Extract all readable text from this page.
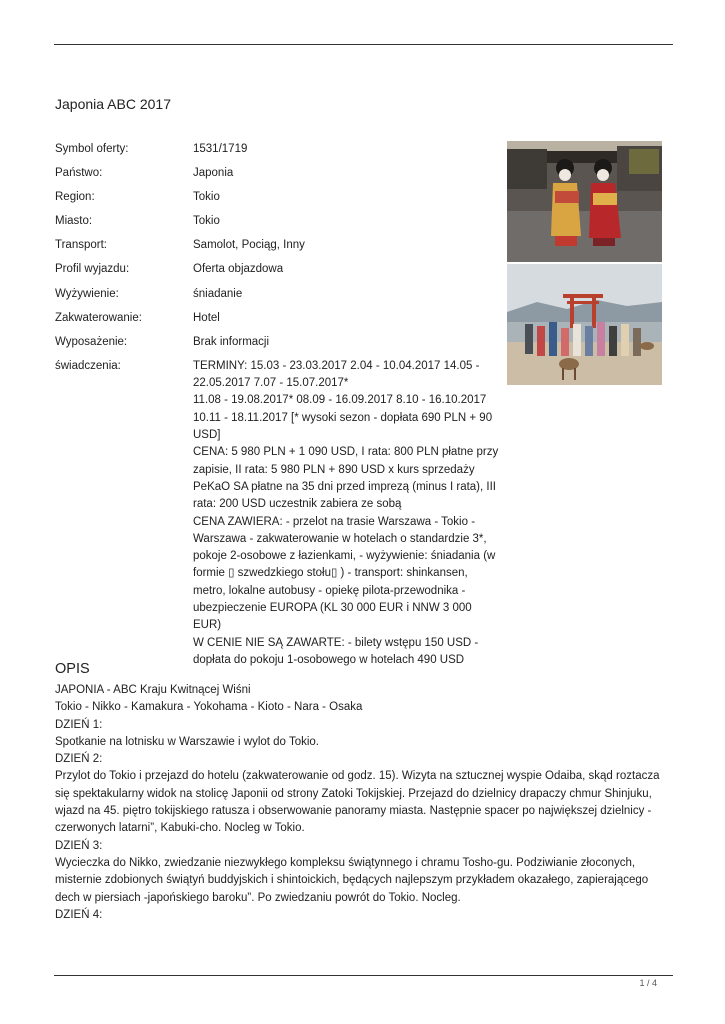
Japonia ABC 2017
Symbol oferty:	1531/1719
Państwo:	Japonia
Region:	Tokio
Miasto:	Tokio
Transport:	Samolot, Pociąg, Inny
Profil wyjazdu:	Oferta objazdowa
Wyżywienie:	śniadanie
Zakwaterowanie:	Hotel
Wyposażenie:	Brak informacji
świadczenia:	TERMINY: 15.03 - 23.03.2017 2.04 - 10.04.2017 14.05 - 22.05.2017 7.07 - 15.07.2017*

11.08 - 19.08.2017* 08.09 - 16.09.2017 8.10 - 16.10.2017 10.11 - 18.11.2017 [* wysoki sezon - dopłata 690 PLN + 90 USD]

CENA: 5 980 PLN + 1 090 USD, I rata: 800 PLN płatne przy zapisie, II rata: 5 980 PLN + 890 USD x kurs sprzedaży PeKaO SA płatne na 35 dni przed imprezą (minus I rata), III rata: 200 USD uczestnik zabiera ze sobą

CENA ZAWIERA: - przelot na trasie Warszawa - Tokio - Warszawa - zakwaterowanie w hotelach o standardzie 3*, pokoje 2-osobowe z łazienkami, - wyżywienie: śniadania (w formie ▯ szwedzkiego stołu▯ ) - transport: shinkansen, metro, lokalne autobusy - opiekę pilota-przewodnika - ubezpieczenie EUROPA (KL 30 000 EUR i NNW 3 000 EUR)

W CENIE NIE SĄ ZAWARTE: - bilety wstępu 150 USD - dopłata do pokoju 1-osobowego w hotelach 490 USD

OPIS

JAPONIA - ABC Kraju Kwitnącej Wiśni

Tokio - Nikko - Kamakura - Yokohama - Kioto - Nara - Osaka

DZIEŃ 1:

Spotkanie na lotnisku w Warszawie i wylot do Tokio.

DZIEŃ 2:

Przylot do Tokio i przejazd do hotelu (zakwaterowanie od godz. 15). Wizyta na sztucznej wyspie Odaiba, skąd roztacza się spektakularny widok na stolicę Japonii od strony Zatoki Tokijskiej. Przejazd do dzielnicy drapaczy chmur Shinjuku, wjazd na 45. piętro tokijskiego ratusza i obserwowanie panoramy miasta. Następnie spacer po największej dzielnicy -czerwonych latarni”, Kabuki-cho. Nocleg w Tokio.

DZIEŃ 3:

Wycieczka do Nikko, zwiedzanie niezwykłego kompleksu świątynnego i chramu Tosho-gu. Podziwianie złoconych, misternie zdobionych świątyń buddyjskich i shintoickich, będących najlepszym przykładem okazałego, zapierającego dech w piersiach -japońskiego baroku”. Po zwiedzaniu powrót do Tokio. Nocleg.

DZIEŃ 4:

1 / 4
